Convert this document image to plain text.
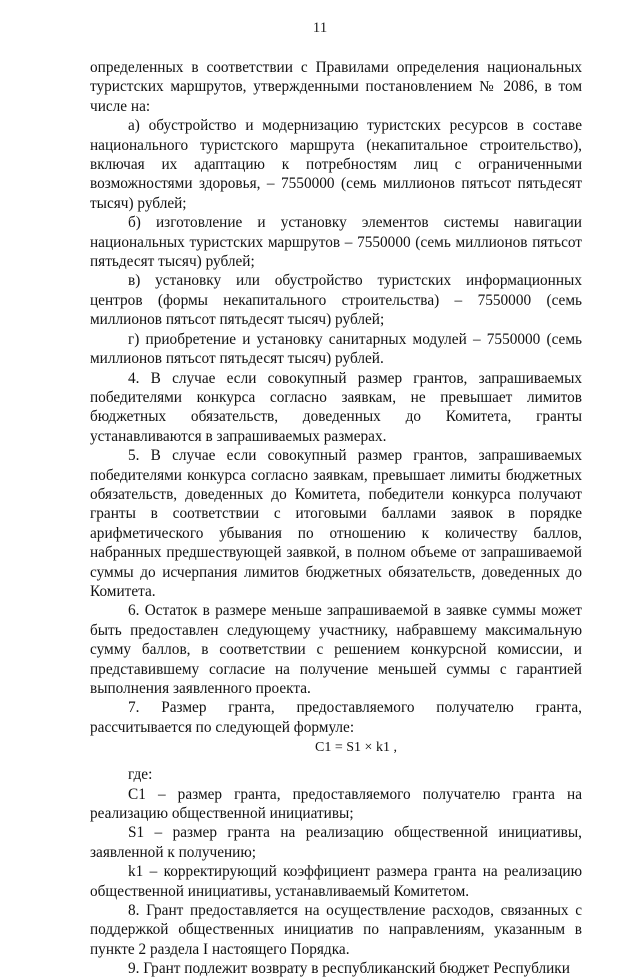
11

определенных в соответствии с Правилами определения национальных туристских маршрутов, утвержденными постановлением № 2086, в том числе на:

а) обустройство и модернизацию туристских ресурсов в составе национального туристского маршрута (некапитальное строительство), включая их адаптацию к потребностям лиц с ограниченными возможностями здоровья, – 7550000 (семь миллионов пятьсот пятьдесят тысяч) рублей;

б) изготовление и установку элементов системы навигации национальных туристских маршрутов – 7550000 (семь миллионов пятьсот пятьдесят тысяч) рублей;

в) установку или обустройство туристских информационных центров (формы некапитального строительства) – 7550000 (семь миллионов пятьсот пятьдесят тысяч) рублей;

г) приобретение и установку санитарных модулей – 7550000 (семь миллионов пятьсот пятьдесят тысяч) рублей.

4. В случае если совокупный размер грантов, запрашиваемых победителями конкурса согласно заявкам, не превышает лимитов бюджетных обязательств, доведенных до Комитета, гранты устанавливаются в запрашиваемых размерах.

5. В случае если совокупный размер грантов, запрашиваемых победителями конкурса согласно заявкам, превышает лимиты бюджетных обязательств, доведенных до Комитета, победители конкурса получают гранты в соответствии с итоговыми баллами заявок в порядке арифметического убывания по отношению к количеству баллов, набранных предшествующей заявкой, в полном объеме от запрашиваемой суммы до исчерпания лимитов бюджетных обязательств, доведенных до Комитета.

6. Остаток в размере меньше запрашиваемой в заявке суммы может быть предоставлен следующему участнику, набравшему максимальную сумму баллов, в соответствии с решением конкурсной комиссии, и представившему согласие на получение меньшей суммы с гарантией выполнения заявленного проекта.

7. Размер гранта, предоставляемого получателю гранта, рассчитывается по следующей формуле:

C1 = S1 × k1 ,

где:

C1 – размер гранта, предоставляемого получателю гранта на реализацию общественной инициативы;

S1 – размер гранта на реализацию общественной инициативы, заявленной к получению;

k1 – корректирующий коэффициент размера гранта на реализацию общественной инициативы, устанавливаемый Комитетом.

8. Грант предоставляется на осуществление расходов, связанных с поддержкой общественных инициатив по направлениям, указанным в пункте 2 раздела I настоящего Порядка.

9. Грант подлежит возврату в республиканский бюджет Республики
